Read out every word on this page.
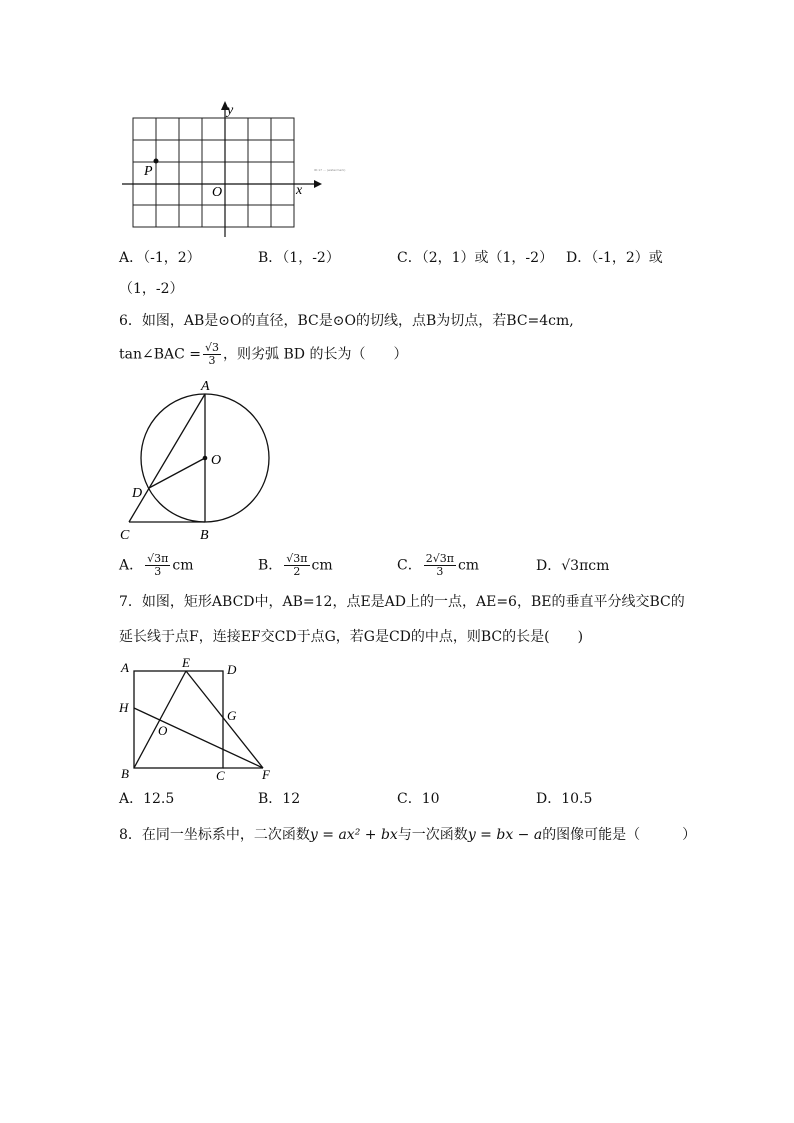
y
x
P
O
ID:17 ... (watermark)
A．（-1，2）	B．（1，-2）	C．（2，1）或（1，-2） D．（-1，2）或
（1，-2）
6．如图，AB是⊙O的直径，BC是⊙O的切线，点B为切点，若BC=4cm,
tan∠BAC = $\frac{√3}{3}$ ，则劣弧 BD 的长为（　　）
A
O
D
C	B
A． $\frac{√3\pi}{3}$ cm	B． $\frac{√3\pi}{2}$ cm	C． $\frac{2√3\pi}{3}$ cm	D．√3πcm
7．如图，矩形ABCD中，AB=12，点E是AD上的一点，AE=6，BE的垂直平分线交BC的
延长线于点F，连接EF交CD于点G，若G是CD的中点，则BC的长是(　　)
A	E	D
H
G
O
B	C	F
A．12.5	B．12	C．10	D．10.5
8．在同一坐标系中，二次函数y = ax² + bx与一次函数y = bx − a的图像可能是（　　　）
